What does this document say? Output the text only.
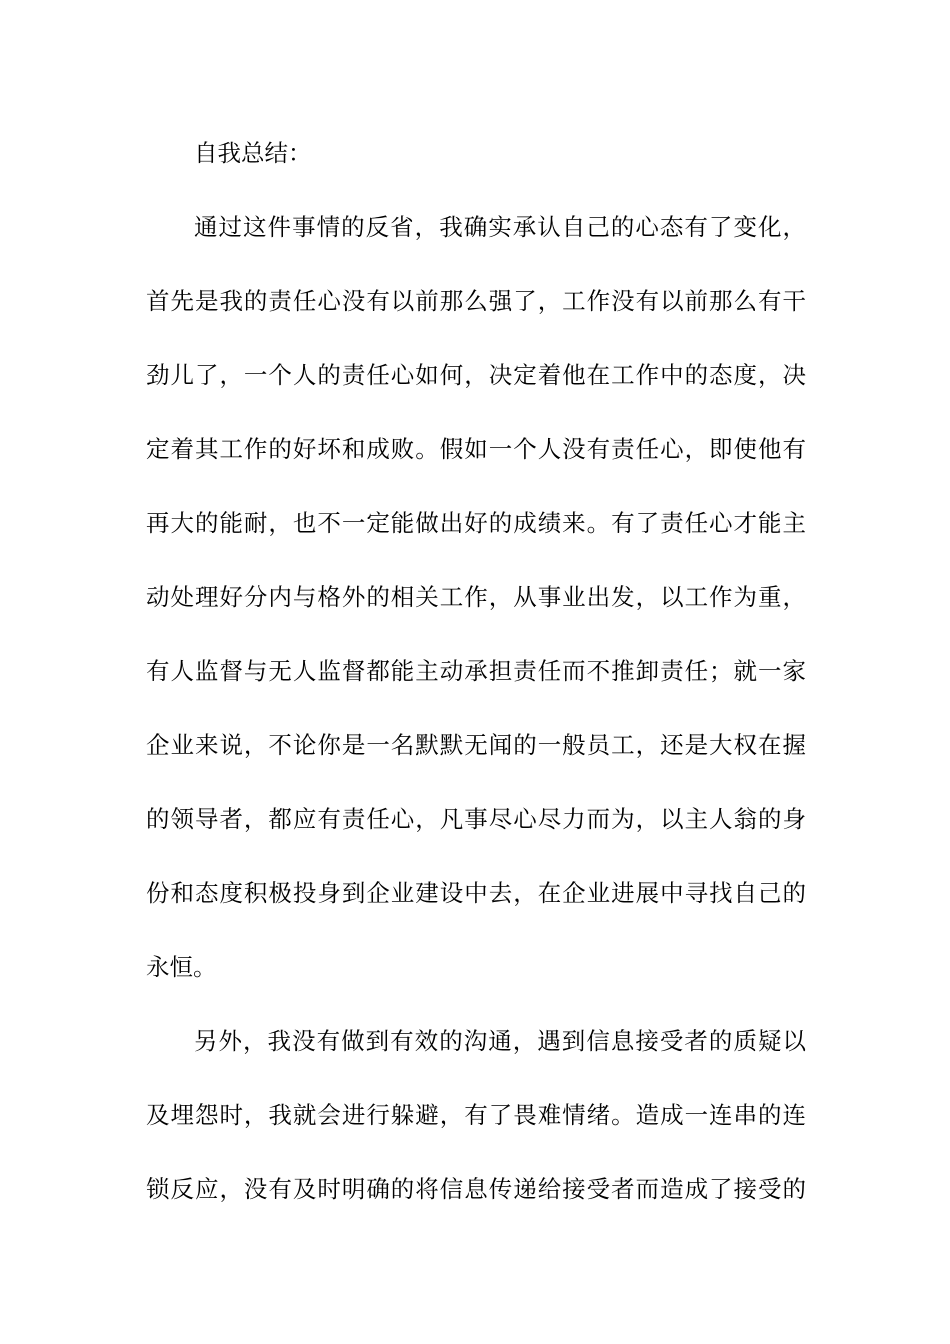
自我总结：
通过这件事情的反省，我确实承认自己的心态有了变化，
首先是我的责任心没有以前那么强了，工作没有以前那么有干
劲儿了，一个人的责任心如何，决定着他在工作中的态度，决
定着其工作的好坏和成败。假如一个人没有责任心，即使他有
再大的能耐，也不一定能做出好的成绩来。有了责任心才能主
动处理好分内与格外的相关工作，从事业出发，以工作为重，
有人监督与无人监督都能主动承担责任而不推卸责任；就一家
企业来说，不论你是一名默默无闻的一般员工，还是大权在握
的领导者，都应有责任心，凡事尽心尽力而为，以主人翁的身
份和态度积极投身到企业建设中去，在企业进展中寻找自己的
永恒。
另外，我没有做到有效的沟通，遇到信息接受者的质疑以
及埋怨时，我就会进行躲避，有了畏难情绪。造成一连串的连
锁反应，没有及时明确的将信息传递给接受者而造成了接受的
